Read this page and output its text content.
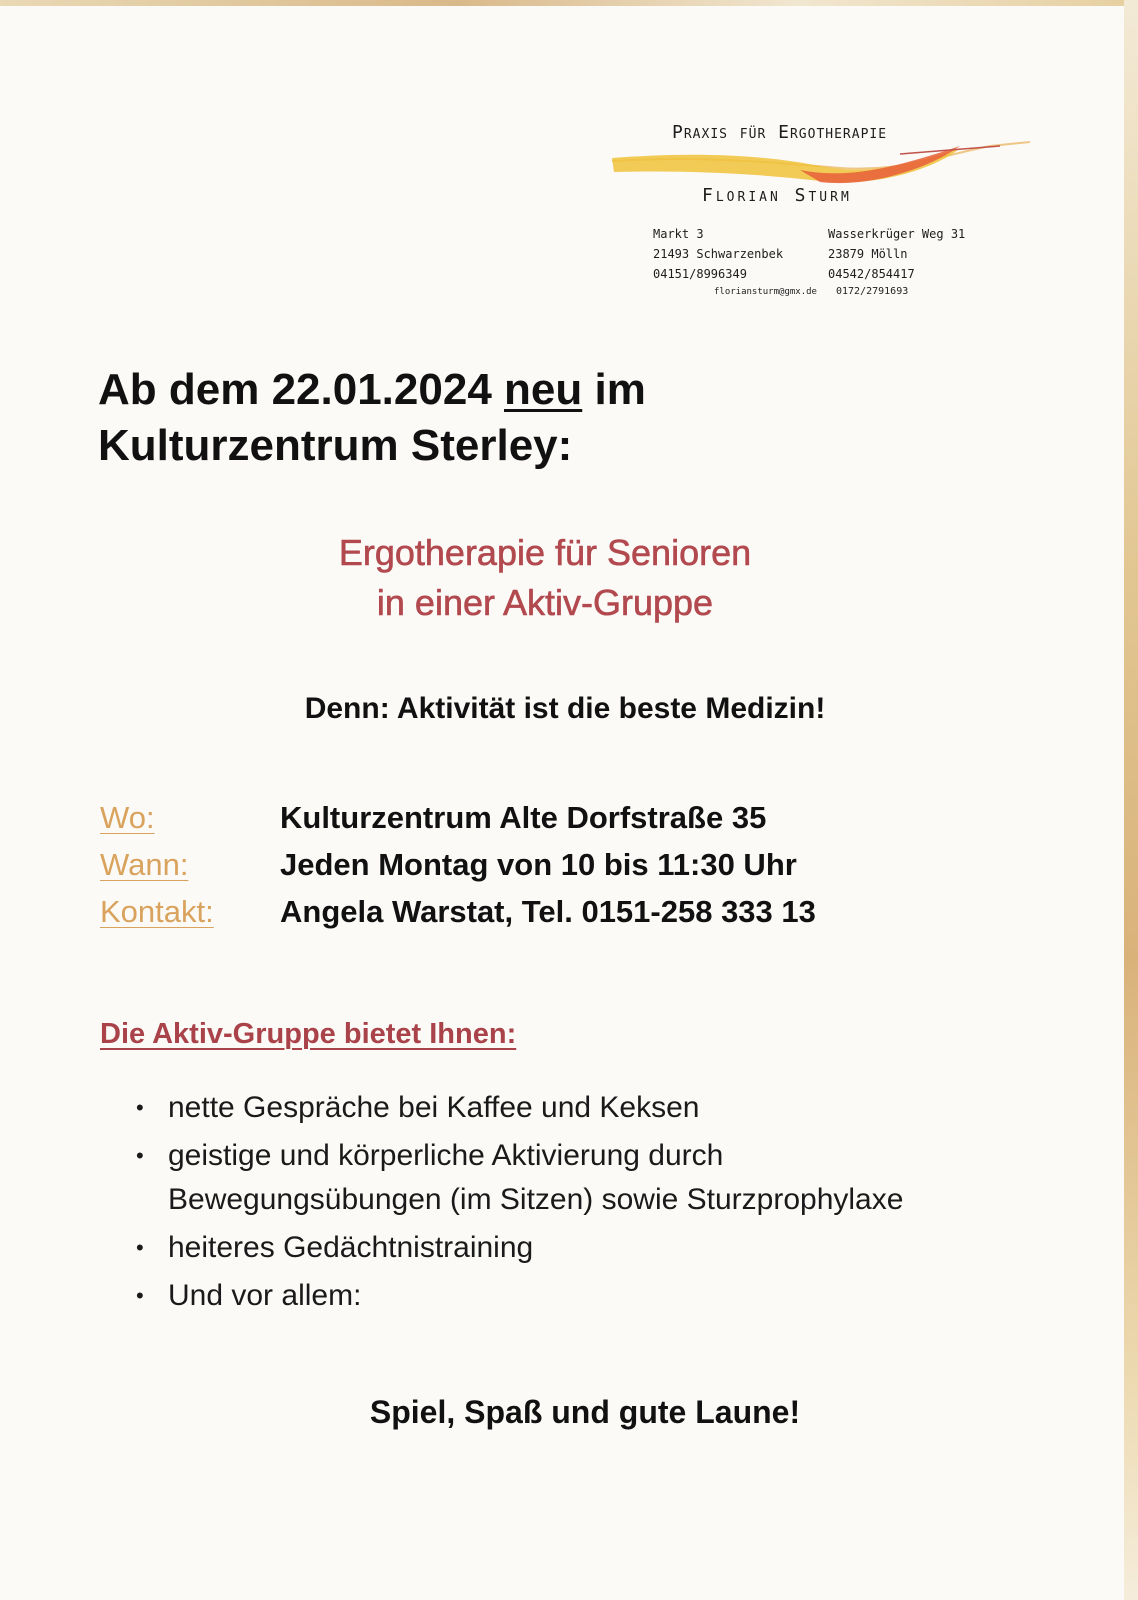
Praxis für Ergotherapie
Florian Sturm
Markt 3
21493 Schwarzenbek
04151/8996349
Wasserkrüger Weg 31
23879 Mölln
04542/854417
floriansturm@gmx.de 0172/2791693
Ab dem 22.01.2024 neu im
Kulturzentrum Sterley:
Ergotherapie für Senioren
in einer Aktiv-Gruppe
Denn: Aktivität ist die beste Medizin!
Wo:	Kulturzentrum Alte Dorfstraße 35
Wann:	Jeden Montag von 10 bis 11:30 Uhr
Kontakt: Angela Warstat, Tel. 0151-258 333 13
Die Aktiv-Gruppe bietet Ihnen:
• nette Gespräche bei Kaffee und Keksen
• geistige und körperliche Aktivierung durch Bewegungsübungen (im Sitzen) sowie Sturzprophylaxe
• heiteres Gedächtnistraining
• Und vor allem:
Spiel, Spaß und gute Laune!
